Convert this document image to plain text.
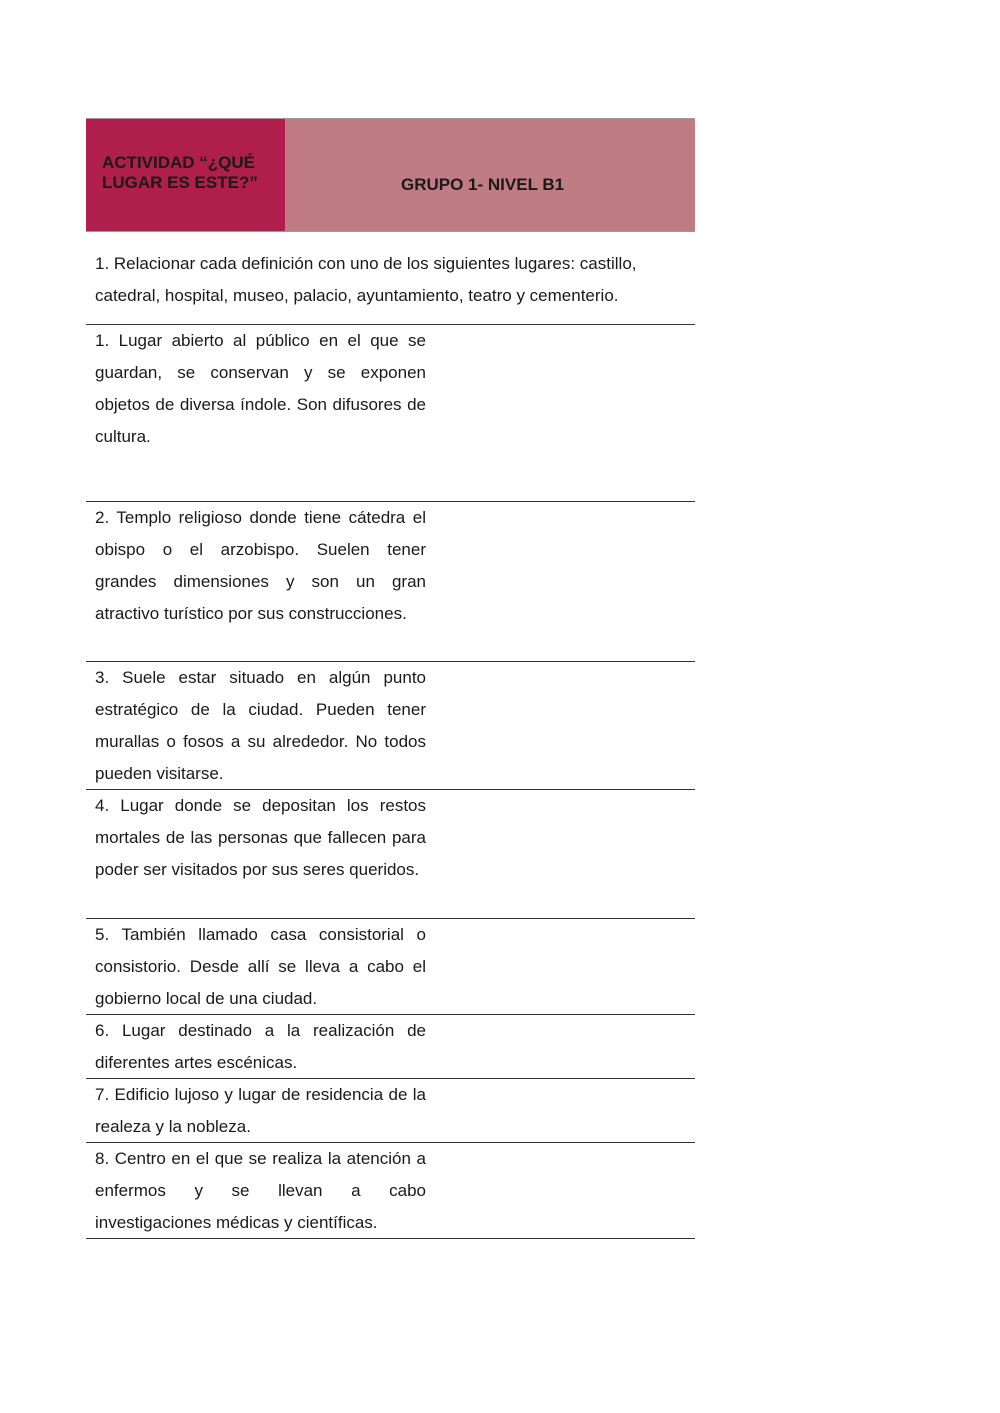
ACTIVIDAD “¿QUÉ
LUGAR ES ESTE?”	GRUPO 1- NIVEL B1
1. Relacionar cada definición con uno de los siguientes lugares: castillo, catedral, hospital, museo, palacio, ayuntamiento, teatro y cementerio.
1. Lugar abierto al público en el que se guardan, se conservan y se exponen objetos de diversa índole. Son difusores de cultura.
2. Templo religioso donde tiene cátedra el obispo o el arzobispo. Suelen tener grandes dimensiones y son un gran atractivo turístico por sus construcciones.
3. Suele estar situado en algún punto estratégico de la ciudad. Pueden tener murallas o fosos a su alrededor. No todos pueden visitarse.
4. Lugar donde se depositan los restos mortales de las personas que fallecen para poder ser visitados por sus seres queridos.
5. También llamado casa consistorial o consistorio. Desde allí se lleva a cabo el gobierno local de una ciudad.
6. Lugar destinado a la realización de diferentes artes escénicas.
7. Edificio lujoso y lugar de residencia de la realeza y la nobleza.
8. Centro en el que se realiza la atención a enfermos y se llevan a cabo investigaciones médicas y científicas.
